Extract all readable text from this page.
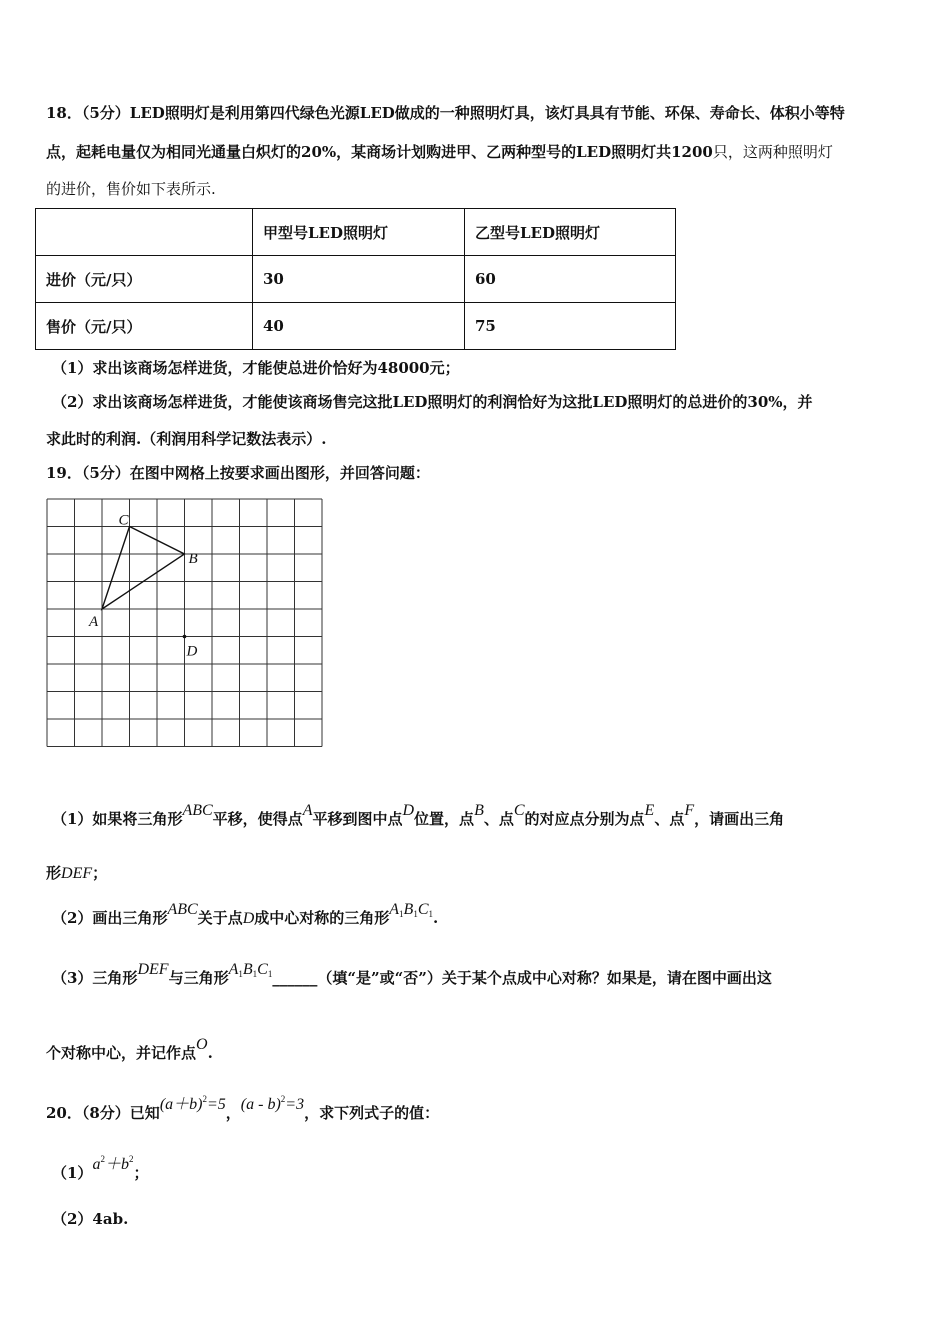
18．（5分）LED照明灯是利用第四代绿色光源LED做成的一种照明灯具，该灯具具有节能、环保、寿命长、体积小等特
点，起耗电量仅为相同光通量白炽灯的20%，某商场计划购进甲、乙两种型号的LED照明灯共1200只，这两种照明灯
的进价，售价如下表所示.
	甲型号LED照明灯	乙型号LED照明灯
进价（元/只）	30	60
售价（元/只）	40	75
（1）求出该商场怎样进货，才能使总进价恰好为48000元；
（2）求出该商场怎样进货，才能使该商场售完这批LED照明灯的利润恰好为这批LED照明灯的总进价的30%，并
求此时的利润.（利润用科学记数法表示）.
19．（5分）在图中网格上按要求画出图形，并回答问题：
A
B
C
D
（1）如果将三角形ABC平移，使得点A平移到图中点D位置，点B、点C的对应点分别为点E、点F，请画出三角
形DEF；
（2）画出三角形ABC关于点D成中心对称的三角形A1B1C1.
（3）三角形DEF与三角形A1B1C1______（填“是”或“否”）关于某个点成中心对称？如果是，请在图中画出这
个对称中心，并记作点O.
20．（8分）已知$(a+b)^2=5$，(a - b)$^2$=3，求下列式子的值：
$(1)a^2+b^2$；
（2）4ab.
